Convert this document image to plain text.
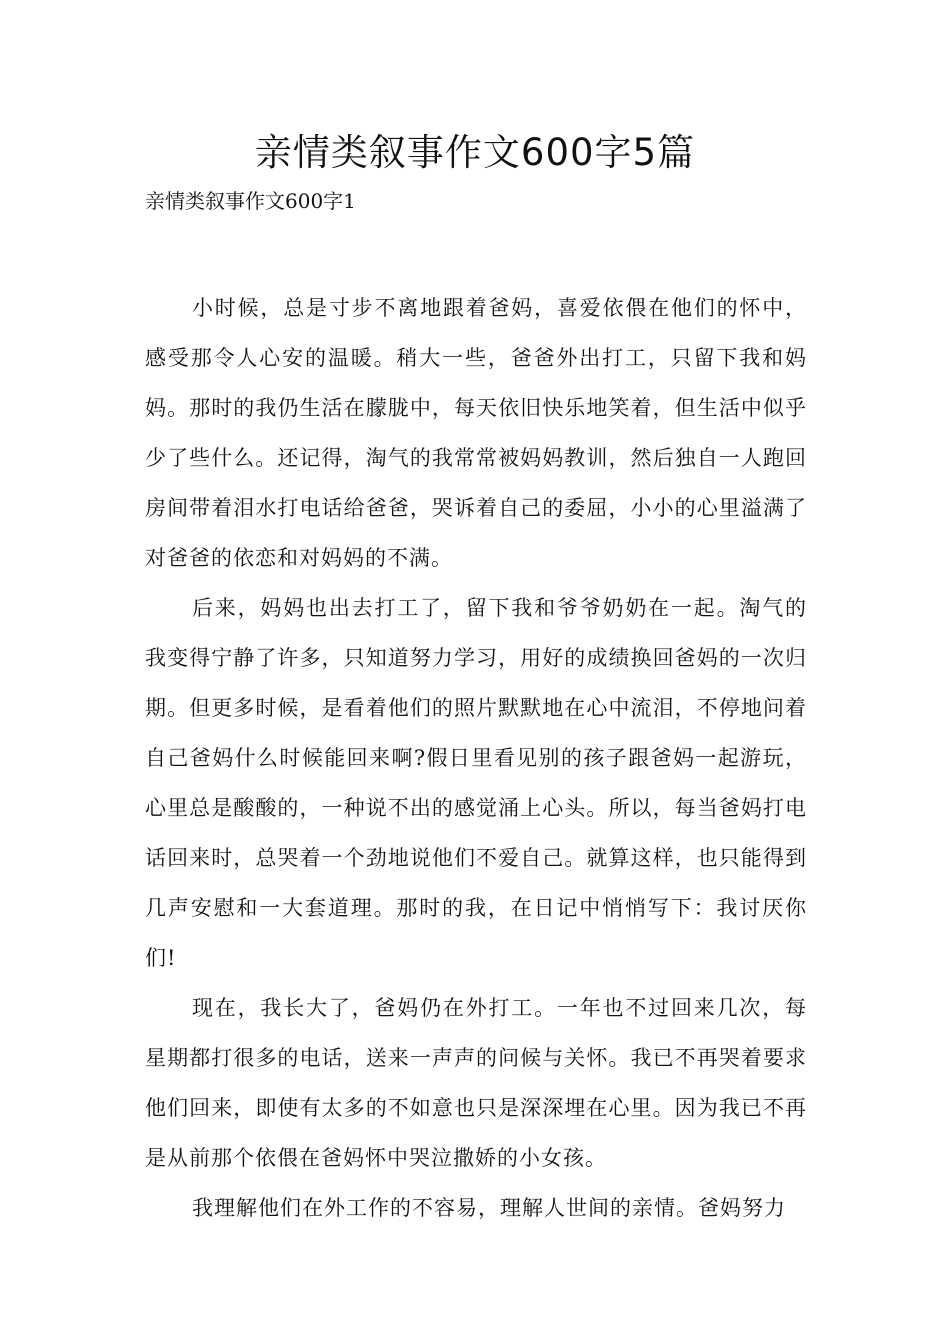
亲情类叙事作文600字5篇

亲情类叙事作文600字1

小时候，总是寸步不离地跟着爸妈，喜爱依偎在他们的怀中，感受那令人心安的温暖。稍大一些，爸爸外出打工，只留下我和妈妈。那时的我仍生活在朦胧中，每天依旧快乐地笑着，但生活中似乎少了些什么。还记得，淘气的我常常被妈妈教训，然后独自一人跑回房间带着泪水打电话给爸爸，哭诉着自己的委屈，小小的心里溢满了对爸爸的依恋和对妈妈的不满。

后来，妈妈也出去打工了，留下我和爷爷奶奶在一起。淘气的我变得宁静了许多，只知道努力学习，用好的成绩换回爸妈的一次归期。但更多时候，是看着他们的照片默默地在心中流泪，不停地问着自己爸妈什么时候能回来啊?假日里看见别的孩子跟爸妈一起游玩，心里总是酸酸的，一种说不出的感觉涌上心头。所以，每当爸妈打电话回来时，总哭着一个劲地说他们不爱自己。就算这样，也只能得到几声安慰和一大套道理。那时的我，在日记中悄悄写下：我讨厌你们!

现在，我长大了，爸妈仍在外打工。一年也不过回来几次，每星期都打很多的电话，送来一声声的问候与关怀。我已不再哭着要求他们回来，即使有太多的不如意也只是深深埋在心里。因为我已不再是从前那个依偎在爸妈怀中哭泣撒娇的小女孩。

我理解他们在外工作的不容易，理解人世间的亲情。爸妈努力
